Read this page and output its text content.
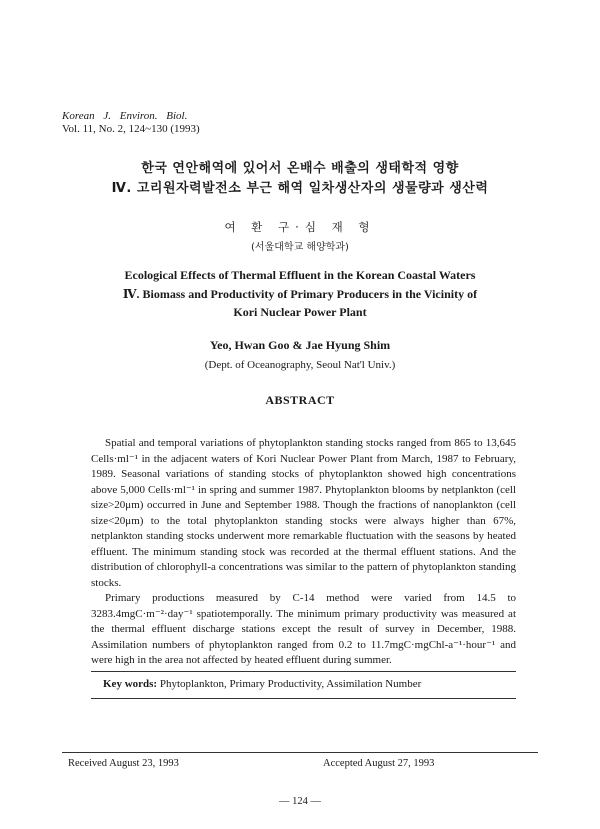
Korean J. Environ. Biol.
Vol. 11, No. 2, 124~130 (1993)
한국 연안해역에 있어서 온배수 배출의 생태학적 영향
Ⅳ. 고리원자력발전소 부근 해역 일차생산자의 생물량과 생산력
여 환 구·심 재 형
(서울대학교 해양학과)
Ecological Effects of Thermal Effluent in the Korean Coastal Waters
Ⅳ. Biomass and Productivity of Primary Producers in the Vicinity of
Kori Nuclear Power Plant
Yeo, Hwan Goo & Jae Hyung Shim
(Dept. of Oceanography, Seoul Nat'l Univ.)
ABSTRACT

Spatial and temporal variations of phytoplankton standing stocks ranged from 865 to 13,645 Cells·ml⁻¹ in the adjacent waters of Kori Nuclear Power Plant from March, 1987 to February, 1989. Seasonal variations of standing stocks of phytoplankton showed high concentrations above 5,000 Cells·ml⁻¹ in spring and summer 1987. Phytoplankton blooms by netplankton (cell size>20μm) occurred in June and September 1988. Though the fractions of nanoplankton (cell size<20μm) to the total phytoplankton standing stocks were always higher than 67%, netplankton standing stocks underwent more remarkable fluctuation with the seasons by heated effluent. The minimum standing stock was recorded at the thermal effluent stations. And the distribution of chlorophyll-a concentrations was similar to the pattern of phytoplankton standing stocks.

Primary productions measured by C-14 method were varied from 14.5 to 3283.4mgC·m⁻²·day⁻¹ spatiotemporally. The minimum primary productivity was measured at the thermal effluent discharge stations except the result of survey in December, 1988. Assimilation numbers of phytoplankton ranged from 0.2 to 11.7mgC·mgChl-a⁻¹·hour⁻¹ and were high in the area not affected by heated effluent during summer.

Key words: Phytoplankton, Primary Productivity, Assimilation Number
Received August 23, 1993	Accepted August 27, 1993
— 124 —
